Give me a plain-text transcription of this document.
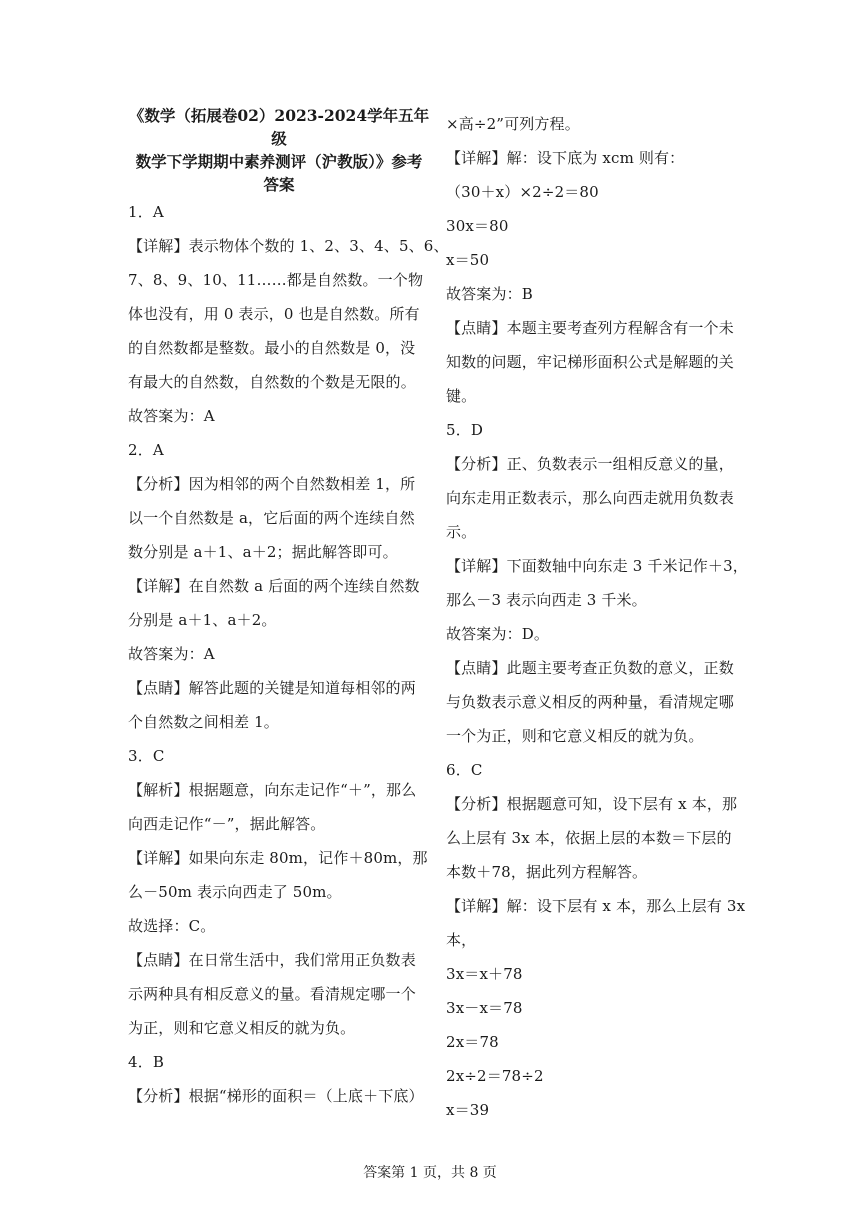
《数学（拓展卷02）2023-2024学年五年级
数学下学期期中素养测评（沪教版）》参考
答案
1．A
【详解】表示物体个数的 1、2、3、4、5、6、
7、8、9、10、11……都是自然数。一个物
体也没有，用 0 表示，0 也是自然数。所有
的自然数都是整数。最小的自然数是 0，没
有最大的自然数，自然数的个数是无限的。
故答案为：A
2．A
【分析】因为相邻的两个自然数相差 1，所
以一个自然数是 a，它后面的两个连续自然
数分别是 a＋1、a＋2；据此解答即可。
【详解】在自然数 a 后面的两个连续自然数
分别是 a＋1、a＋2。
故答案为：A
【点睛】解答此题的关键是知道每相邻的两
个自然数之间相差 1。
3．C
【解析】根据题意，向东走记作“＋”，那么
向西走记作“－”，据此解答。
【详解】如果向东走 80m，记作＋80m，那
么－50m 表示向西走了 50m。
故选择：C。
【点睛】在日常生活中，我们常用正负数表
示两种具有相反意义的量。看清规定哪一个
为正，则和它意义相反的就为负。
4．B
【分析】根据“梯形的面积＝（上底＋下底）
×高÷2”可列方程。
【详解】解：设下底为 xcm 则有：
（30＋x）×2÷2＝80
30x＝80
x＝50
故答案为：B
【点睛】本题主要考查列方程解含有一个未
知数的问题，牢记梯形面积公式是解题的关
键。
5．D
【分析】正、负数表示一组相反意义的量，
向东走用正数表示，那么向西走就用负数表
示。
【详解】下面数轴中向东走 3 千米记作＋3，
那么－3 表示向西走 3 千米。
故答案为：D。
【点睛】此题主要考查正负数的意义，正数
与负数表示意义相反的两种量，看清规定哪
一个为正，则和它意义相反的就为负。
6．C
【分析】根据题意可知，设下层有 x 本，那
么上层有 3x 本，依据上层的本数＝下层的
本数＋78，据此列方程解答。
【详解】解：设下层有 x 本，那么上层有 3x
本，
3x＝x＋78
3x－x＝78
2x＝78
2x÷2＝78÷2
x＝39
答案第 1 页，共 8 页
